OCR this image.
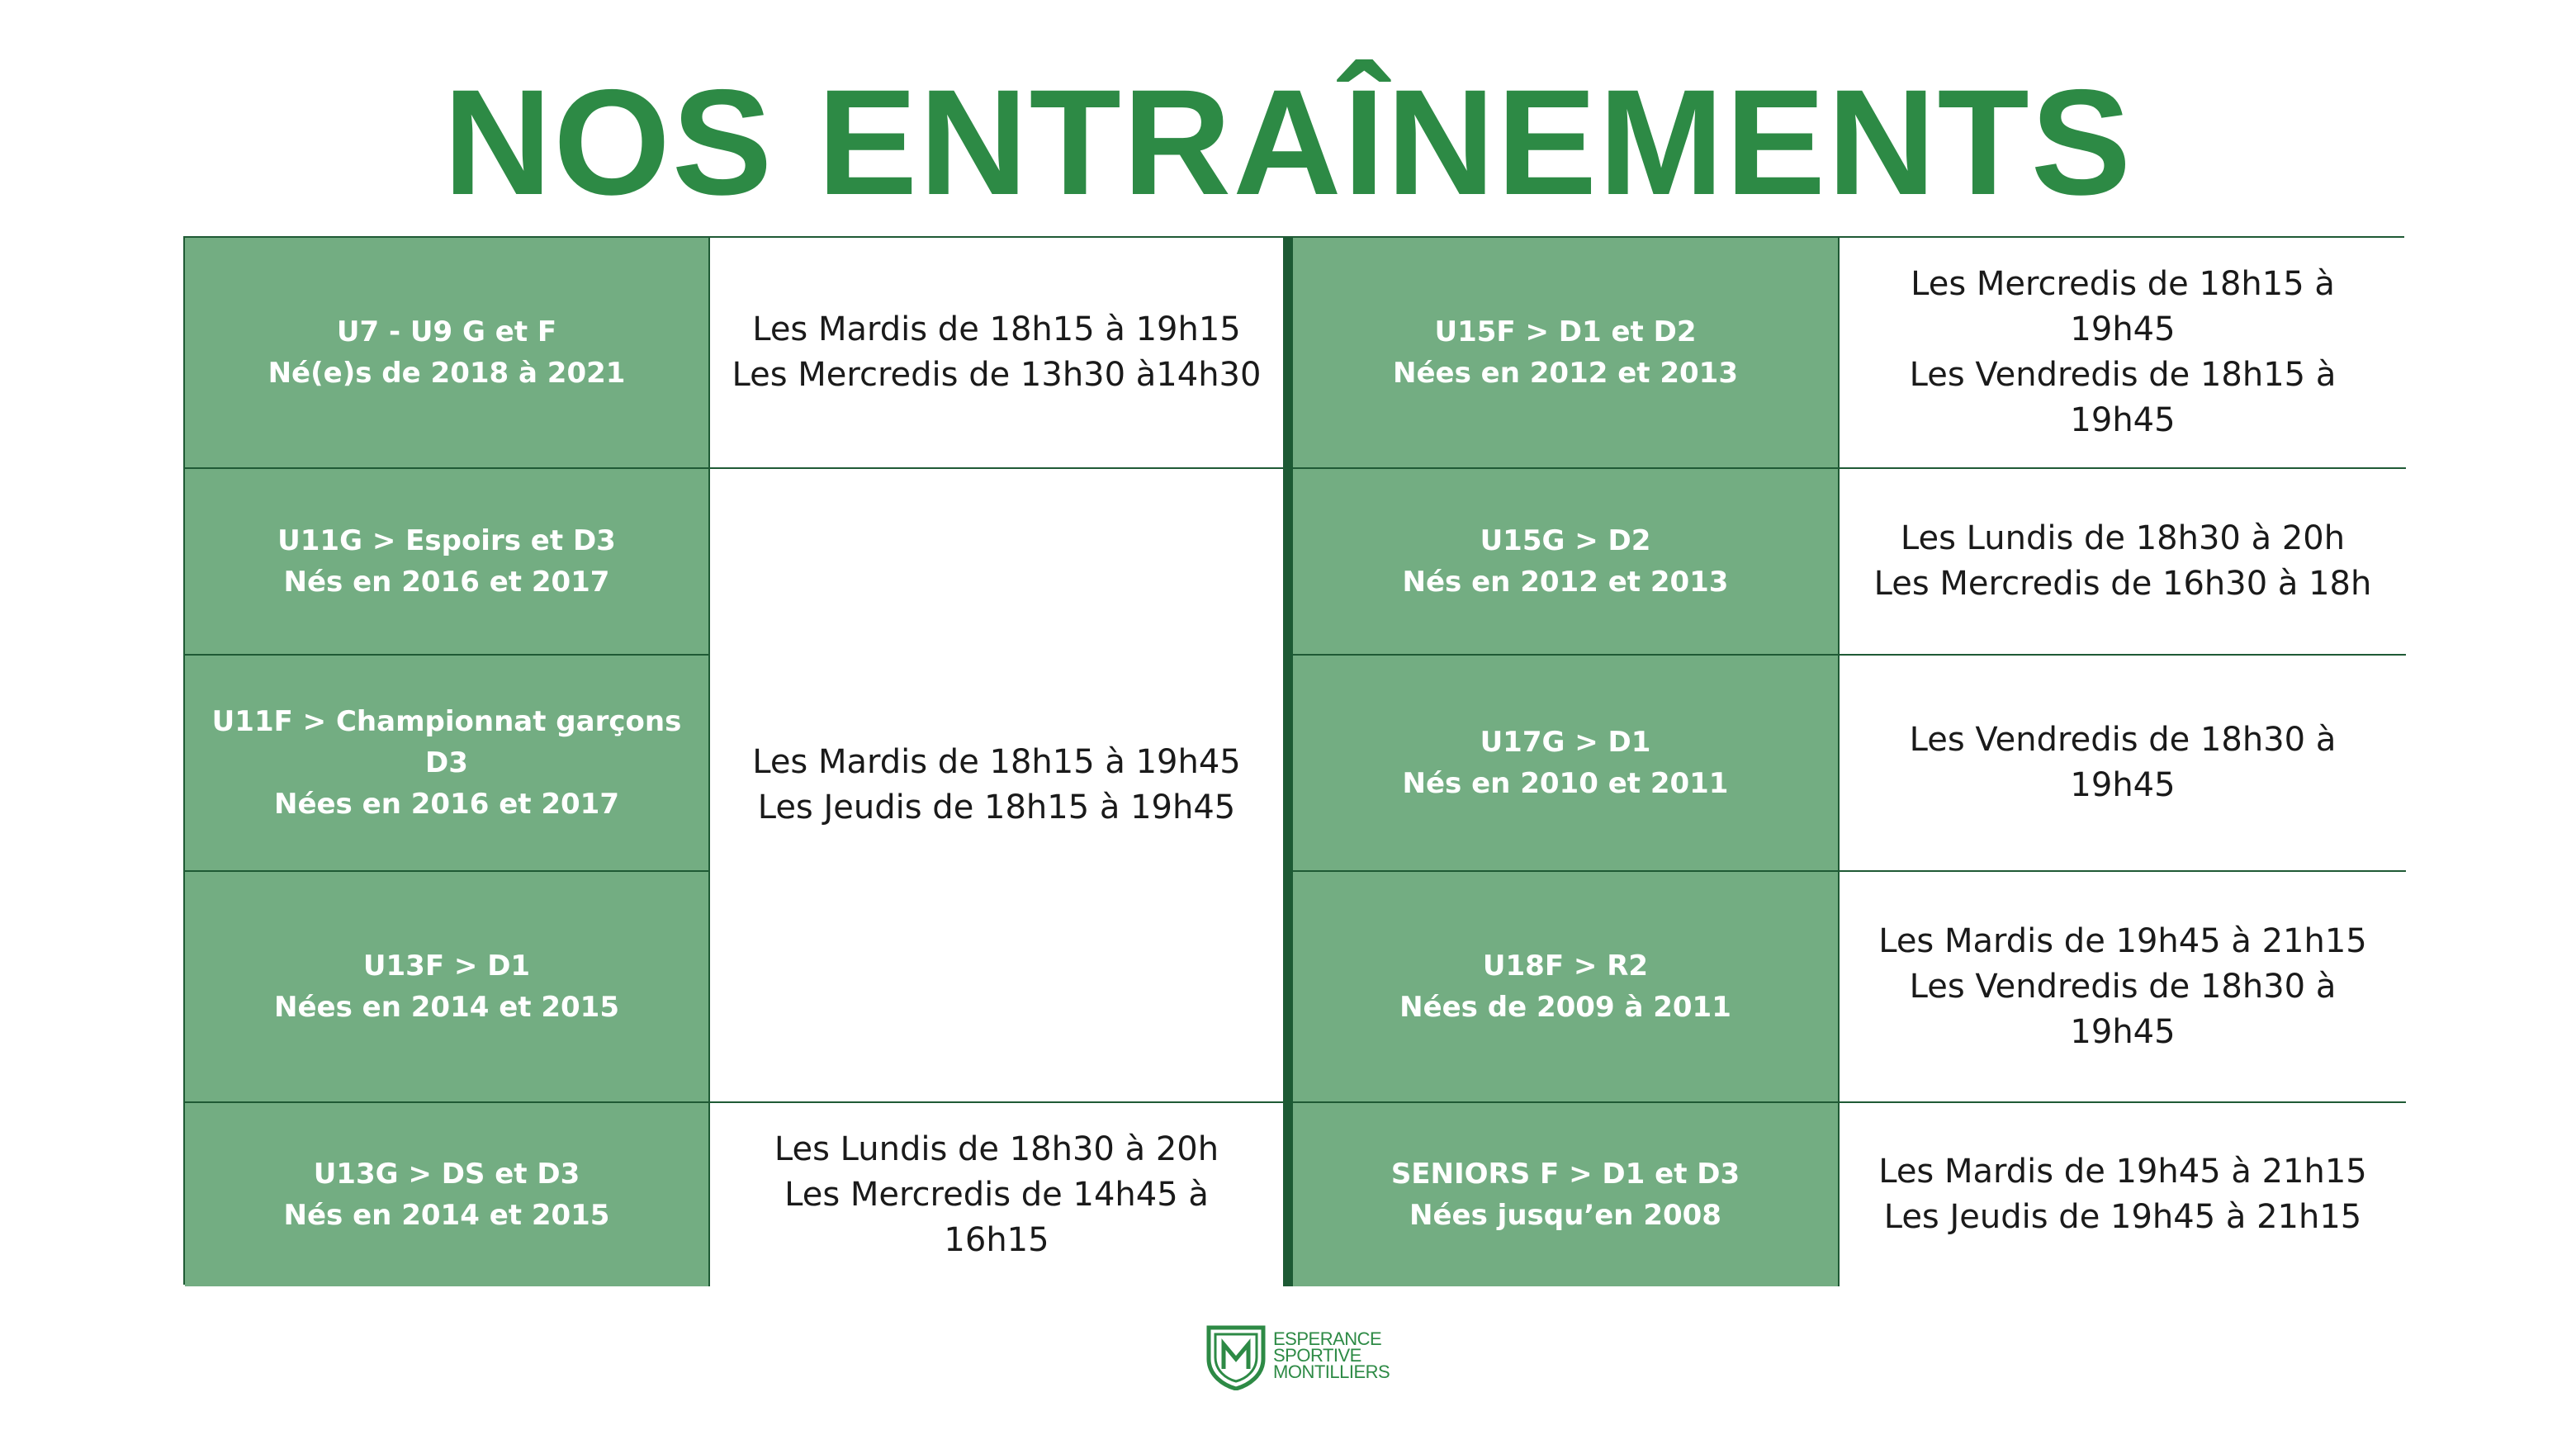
NOS ENTRAÎNEMENTS
U7 - U9 G et F
Né(e)s de 2018 à 2021
Les Mardis de 18h15 à 19h15
Les Mercredis de 13h30 à14h30
U15F > D1 et D2
Nées en 2012 et 2013
Les Mercredis de 18h15 à 19h45
Les Vendredis de 18h15 à
19h45
U11G > Espoirs et D3
Nés en 2016 et 2017
Les Mardis de 18h15 à 19h45
Les Jeudis de 18h15 à 19h45
U15G > D2
Nés en 2012 et 2013
Les Lundis de 18h30 à 20h
Les Mercredis de 16h30 à 18h
U11F > Championnat garçons
D3
Nées en 2016 et 2017
U17G > D1
Nés en 2010 et 2011
Les Vendredis de 18h30 à
19h45
U13F > D1
Nées en 2014 et 2015
U18F > R2
Nées de 2009 à 2011
Les Mardis de 19h45 à 21h15
Les Vendredis de 18h30 à
19h45
U13G > DS et D3
Nés en 2014 et 2015
Les Lundis de 18h30 à 20h
Les Mercredis de 14h45 à 16h15
SENIORS F > D1 et D3
Nées jusqu’en 2008
Les Mardis de 19h45 à 21h15
Les Jeudis de 19h45 à 21h15
ESPERANCE
SPORTIVE
MONTILLIERS
